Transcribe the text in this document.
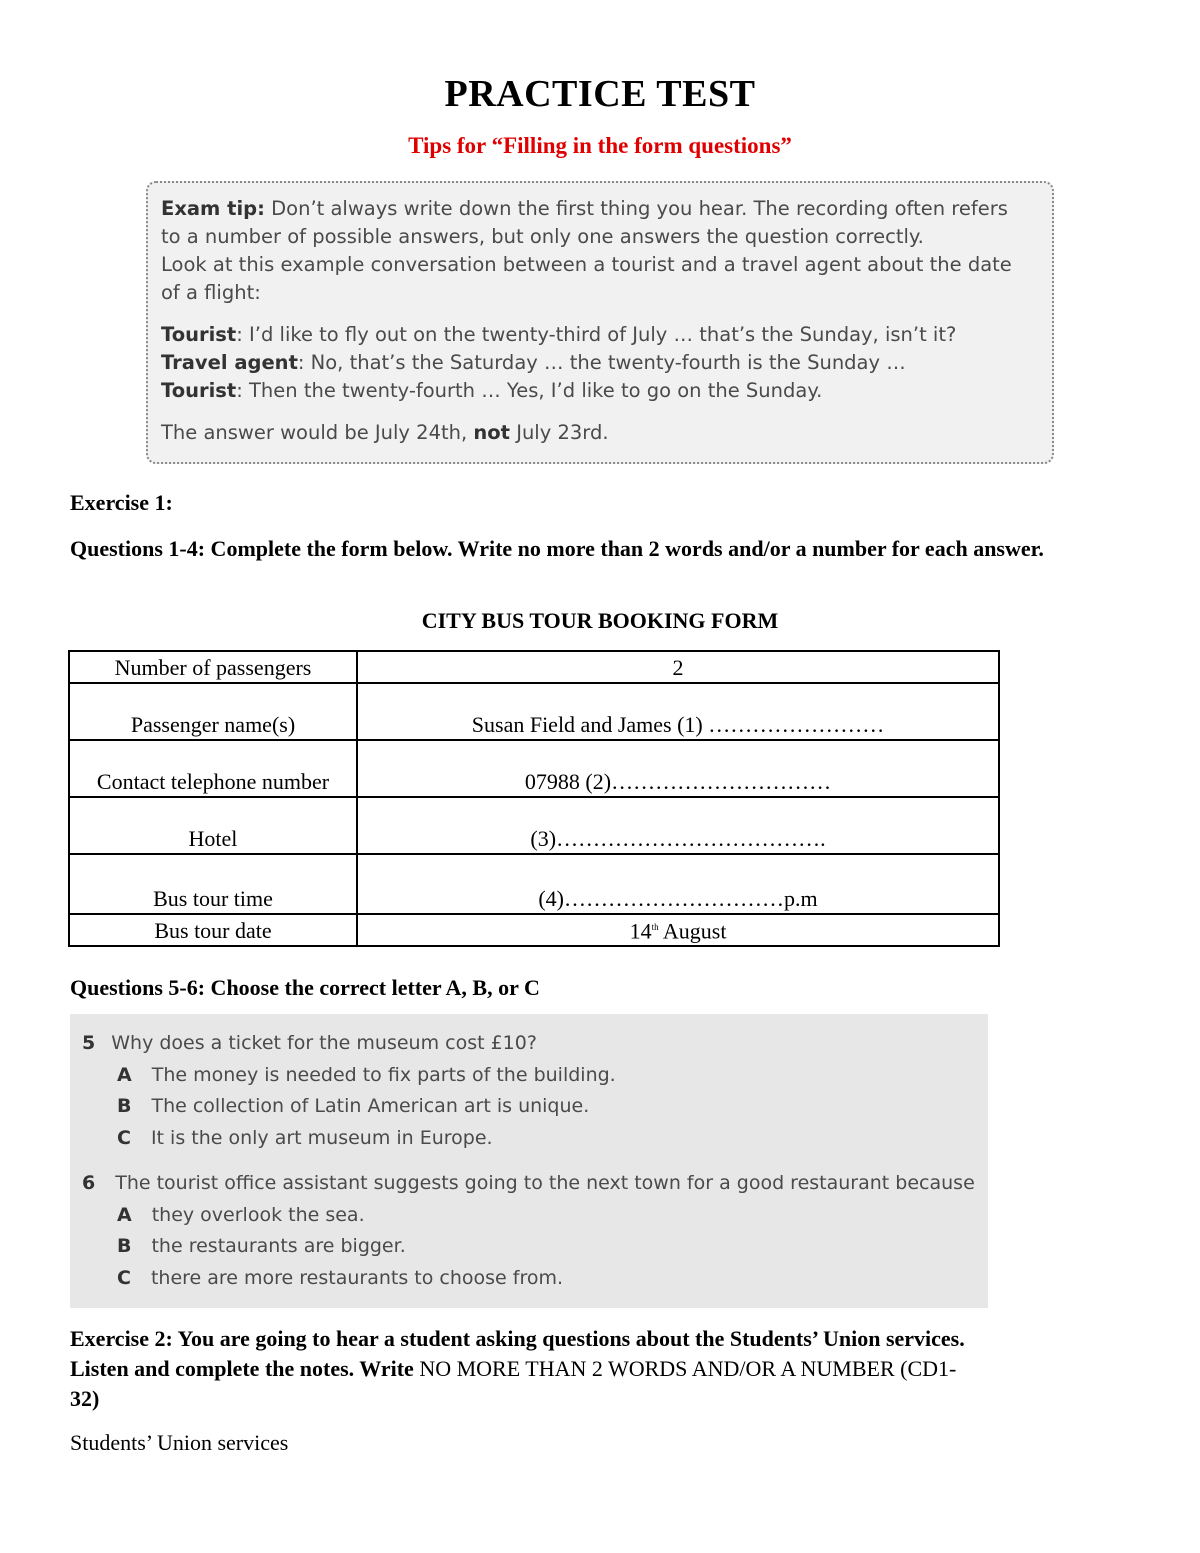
PRACTICE TEST
Tips for “Filling in the form questions”
Exam tip: Don’t always write down the first thing you hear. The recording often refers
to a number of possible answers, but only one answers the question correctly.
Look at this example conversation between a tourist and a travel agent about the date
of a flight:
Tourist: I’d like to fly out on the twenty-third of July … that’s the Sunday, isn’t it?
Travel agent: No, that’s the Saturday … the twenty-fourth is the Sunday …
Tourist: Then the twenty-fourth … Yes, I’d like to go on the Sunday.
The answer would be July 24th, not July 23rd.
Exercise 1:
Questions 1-4: Complete the form below. Write no more than 2 words and/or a number for each answer.
CITY BUS TOUR BOOKING FORM
Number of passengers	2
Passenger name(s)	Susan Field and James (1) ……………………
Contact telephone number	07988 (2)…………………………
Hotel	(3)……………………………….
Bus tour time	(4)…………………………p.m
Bus tour date	14th August
Questions 5-6: Choose the correct letter A, B, or C
5 Why does a ticket for the museum cost £10?
A The money is needed to fix parts of the building.
B The collection of Latin American art is unique.
C It is the only art museum in Europe.
6 The tourist office assistant suggests going to the next town for a good restaurant because
A they overlook the sea.
B the restaurants are bigger.
C there are more restaurants to choose from.
Exercise 2: You are going to hear a student asking questions about the Students’ Union services.
Listen and complete the notes. Write NO MORE THAN 2 WORDS AND/OR A NUMBER (CD1-
32)
Students’ Union services
